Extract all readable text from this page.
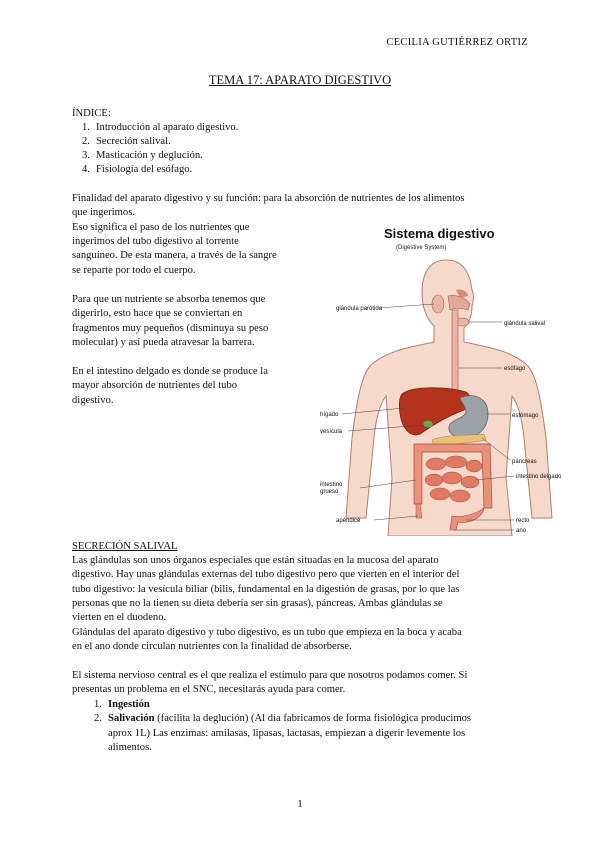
CECILIA GUTIÉRREZ ORTIZ
TEMA 17: APARATO DIGESTIVO
ÍNDICE:
1. Introducción al aparato digestivo.
2. Secreción salival.
3. Masticación y deglución.
4. Fisiología del esófago.
Finalidad del aparato digestivo y su función: para la absorción de nutrientes de los alimentos
que ingerimos.
Eso significa el paso de los nutrientes que
ingerimos del tubo digestivo al torrente
sanguíneo. De esta manera, a través de la sangre
se reparte por todo el cuerpo.
Para que un nutriente se absorba tenemos que
digerirlo, esto hace que se conviertan en
fragmentos muy pequeños (disminuya su peso
molecular) y así pueda atravesar la barrera.
En el intestino delgado es donde se produce la
mayor absorción de nutrientes del tubo
digestivo.
Sistema digestivo
(Digestive System)
glándula parótida
glándula salival
esófago
hígado
vesícula
estómago
páncreas
intestino
grueso
intestino delgado
apéndice	recto
ano
SECRECIÓN SALIVAL
Las glándulas son unos órganos especiales que están situadas en la mucosa del aparato
digestivo. Hay unas glándulas externas del tubo digestivo pero que vierten en el interior del
tubo digestivo: la vesícula biliar (bilis, fundamental en la digestión de grasas, por lo que las
personas que no la tienen su dieta debería ser sin grasas), páncreas. Ambas glándulas se
vierten en el duodeno.
Glándulas del aparato digestivo y tubo digestivo, es un tubo que empieza en la boca y acaba
en el ano donde circulan nutrientes con la finalidad de absorberse.
El sistema nervioso central es el que realiza el estímulo para que nosotros podamos comer. Si
presentas un problema en el SNC, necesitarás ayuda para comer.
1. Ingestión
2. Salivación (facilita la deglución) (Al día fabricamos de forma fisiológica producimos
aprox 1L) Las enzimas: amilasas, lipasas, lactasas, empiezan a digerir levemente los
alimentos.
1
